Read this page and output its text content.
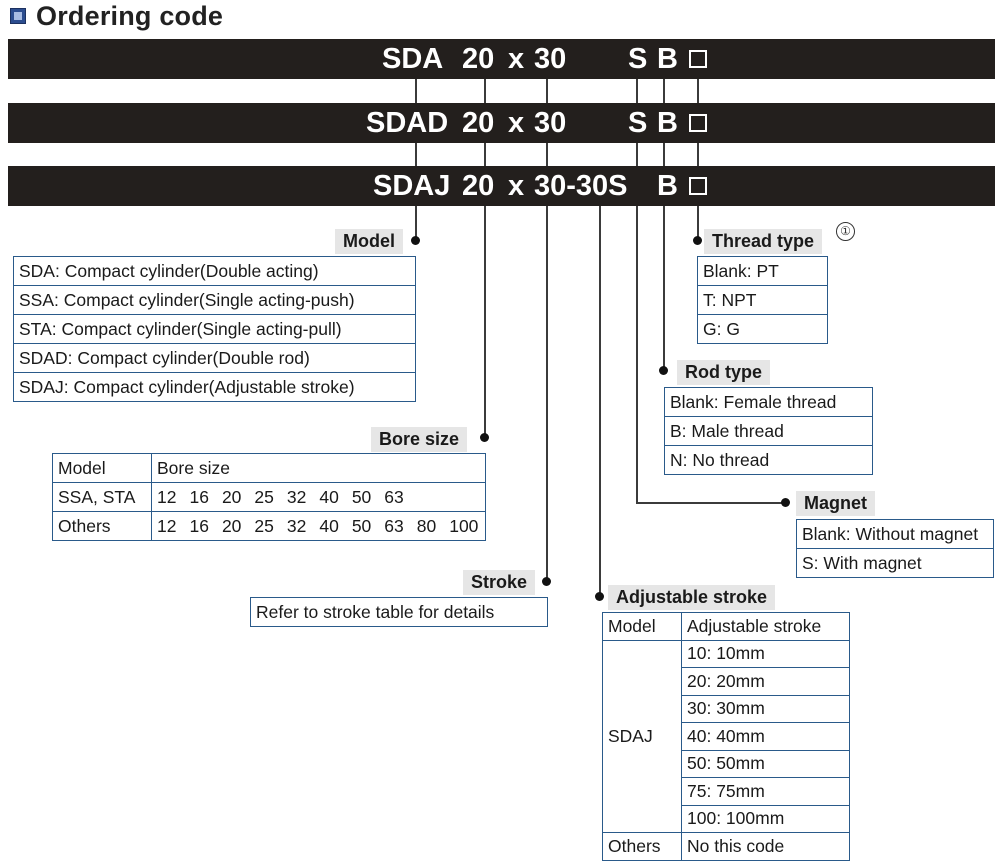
Ordering code
SDA 20 x 30 S B
SDAD 20 x 30 S B
SDAJ 20 x 30-30S B
Model
SDA: Compact cylinder(Double acting)
SSA: Compact cylinder(Single acting-push)
STA: Compact cylinder(Single acting-pull)
SDAD: Compact cylinder(Double rod)
SDAJ: Compact cylinder(Adjustable stroke)
Bore size
Model	Bore size
SSA, STA	12 16 20 25 32 40 50 63
Others	12 16 20 25 32 40 50 63 80 100
Stroke
Refer to stroke table for details
Adjustable stroke
Model	Adjustable stroke
SDAJ	10: 10mm
	20: 20mm
	30: 30mm
	40: 40mm
	50: 50mm
	75: 75mm
	100: 100mm
Others	No this code
Thread type	①
Blank: PT
T: NPT
G: G
Rod type
Blank: Female thread
B: Male thread
N: No thread
Magnet
Blank: Without magnet
S: With magnet
